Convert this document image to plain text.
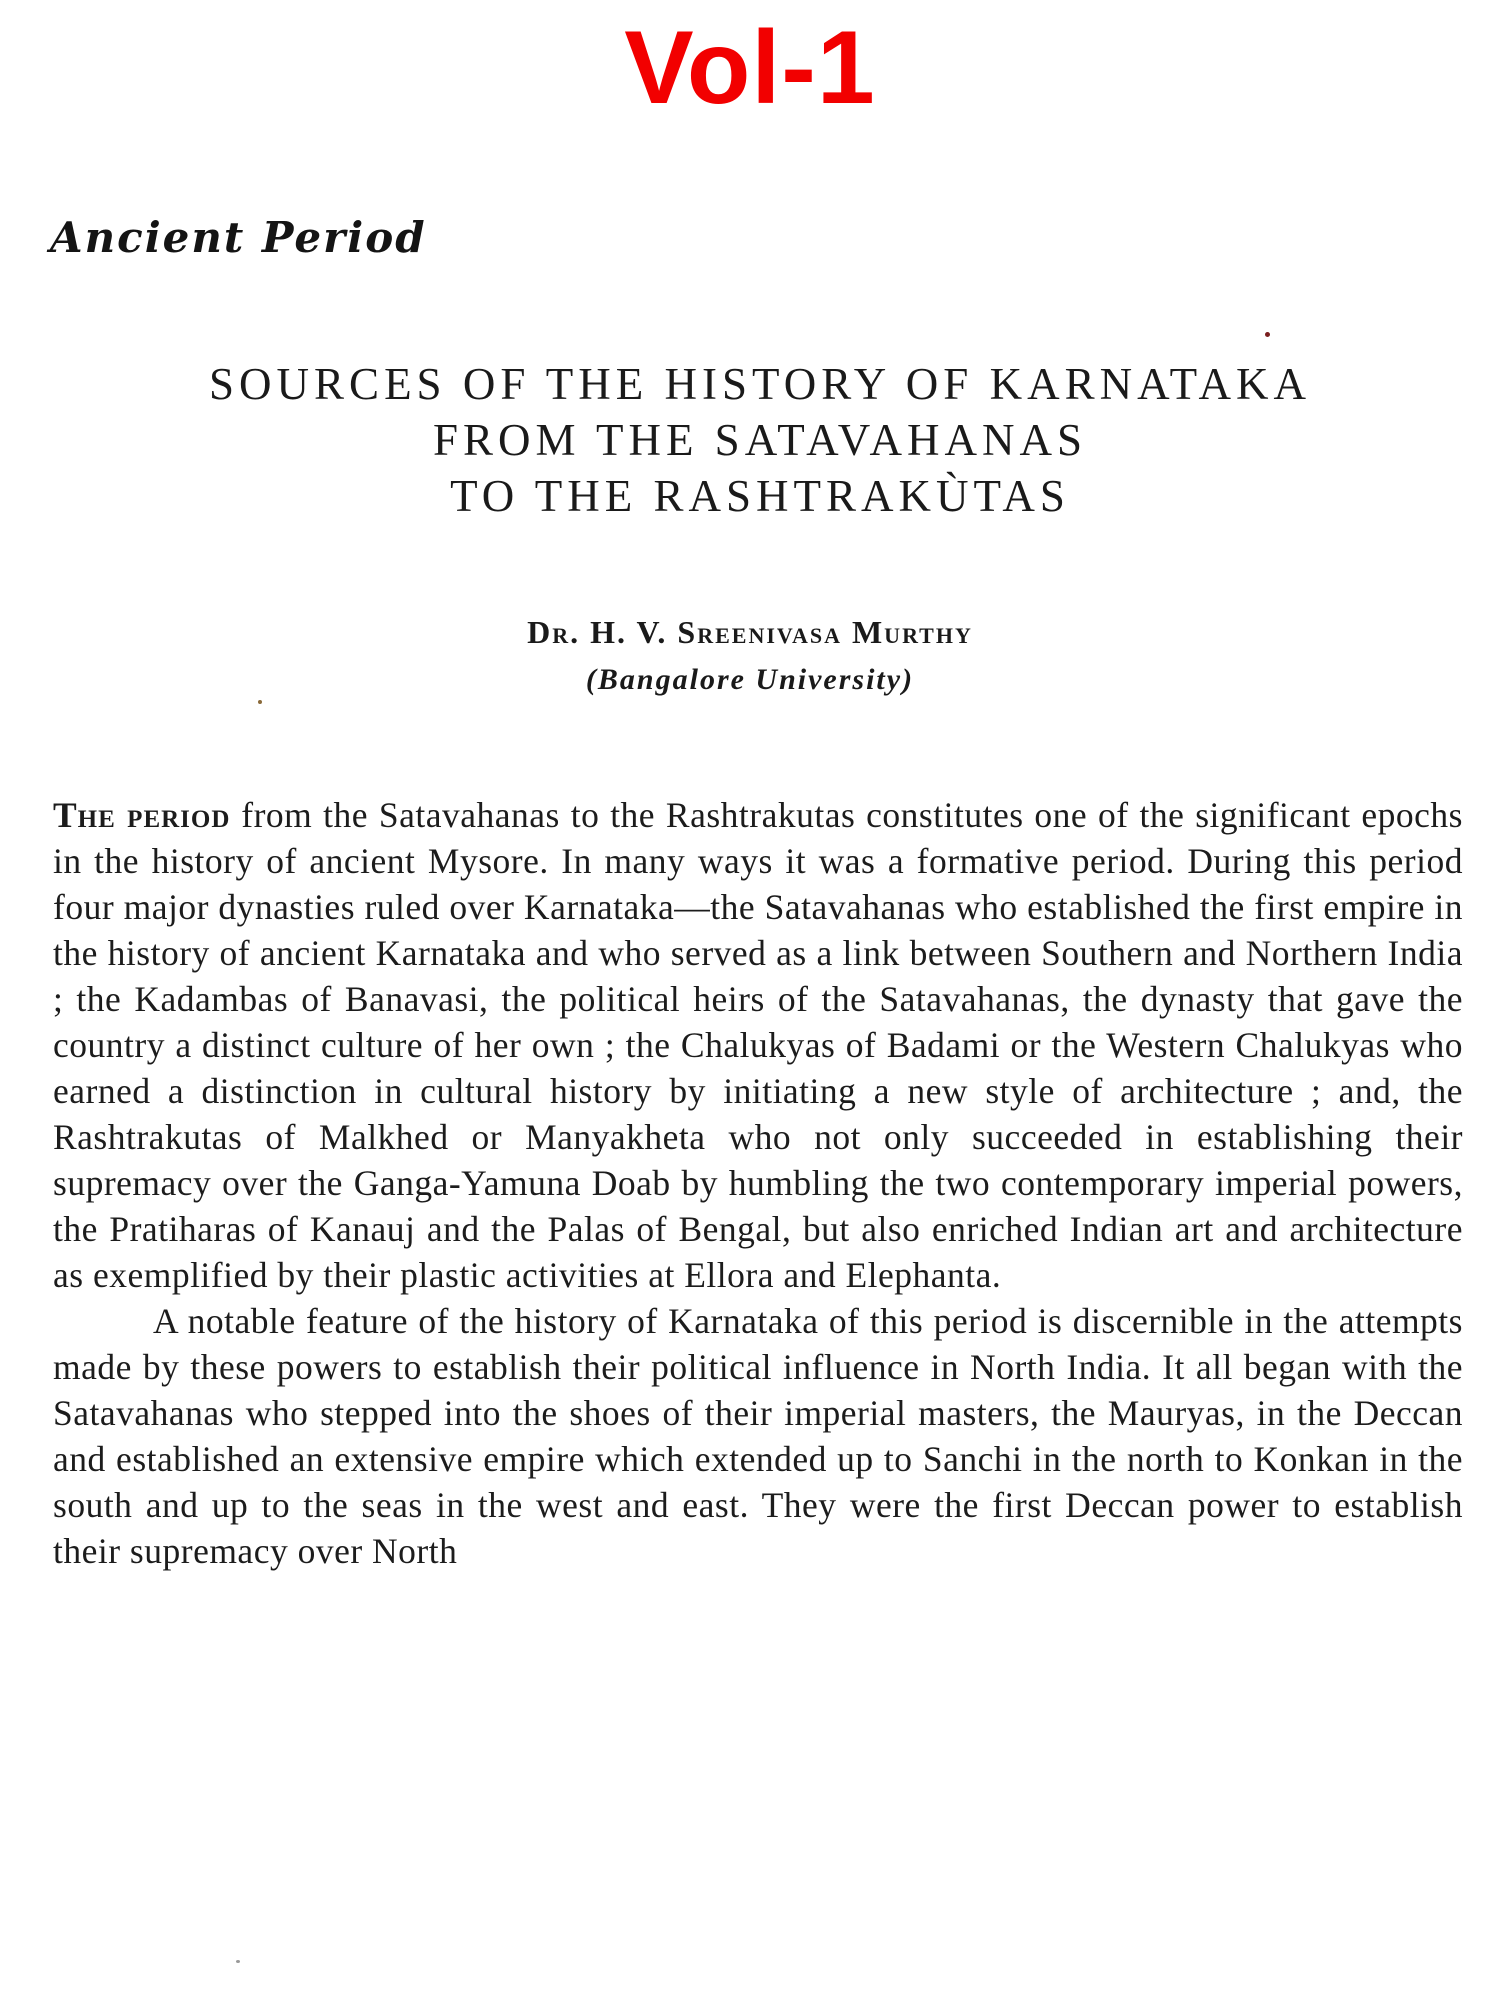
Vol-1
Ancient Period
SOURCES OF THE HISTORY OF KARNATAKA
FROM THE SATAVAHANAS
TO THE RASHTRAKÙTAS
Dr. H. V. Sreenivasa Murthy
(Bangalore University)

The period from the Satavahanas to the Rashtrakutas constitutes one of the significant epochs in the history of ancient Mysore. In many ways it was a formative period. During this period four major dynasties ruled over Karnataka—the Satavahanas who established the first empire in the history of ancient Karnataka and who served as a link between Southern and Northern India ; the Kadambas of Banavasi, the political heirs of the Satavahanas, the dynasty that gave the country a distinct culture of her own ; the Chalukyas of Badami or the Western Chalukyas who earned a distinction in cultural history by initiating a new style of architecture ; and, the Rashtrakutas of Malkhed or Manyakheta who not only succeeded in establishing their supremacy over the Ganga-Yamuna Doab by humbling the two contemporary imperial powers, the Pratiharas of Kanauj and the Palas of Bengal, but also enriched Indian art and architecture as exemplified by their plastic activities at Ellora and Elephanta.

A notable feature of the history of Karnataka of this period is discernible in the attempts made by these powers to establish their political influence in North India. It all began with the Satavahanas who stepped into the shoes of their imperial masters, the Mauryas, in the Deccan and established an extensive empire which extended up to Sanchi in the north to Konkan in the south and up to the seas in the west and east. They were the first Deccan power to establish their supremacy over North
